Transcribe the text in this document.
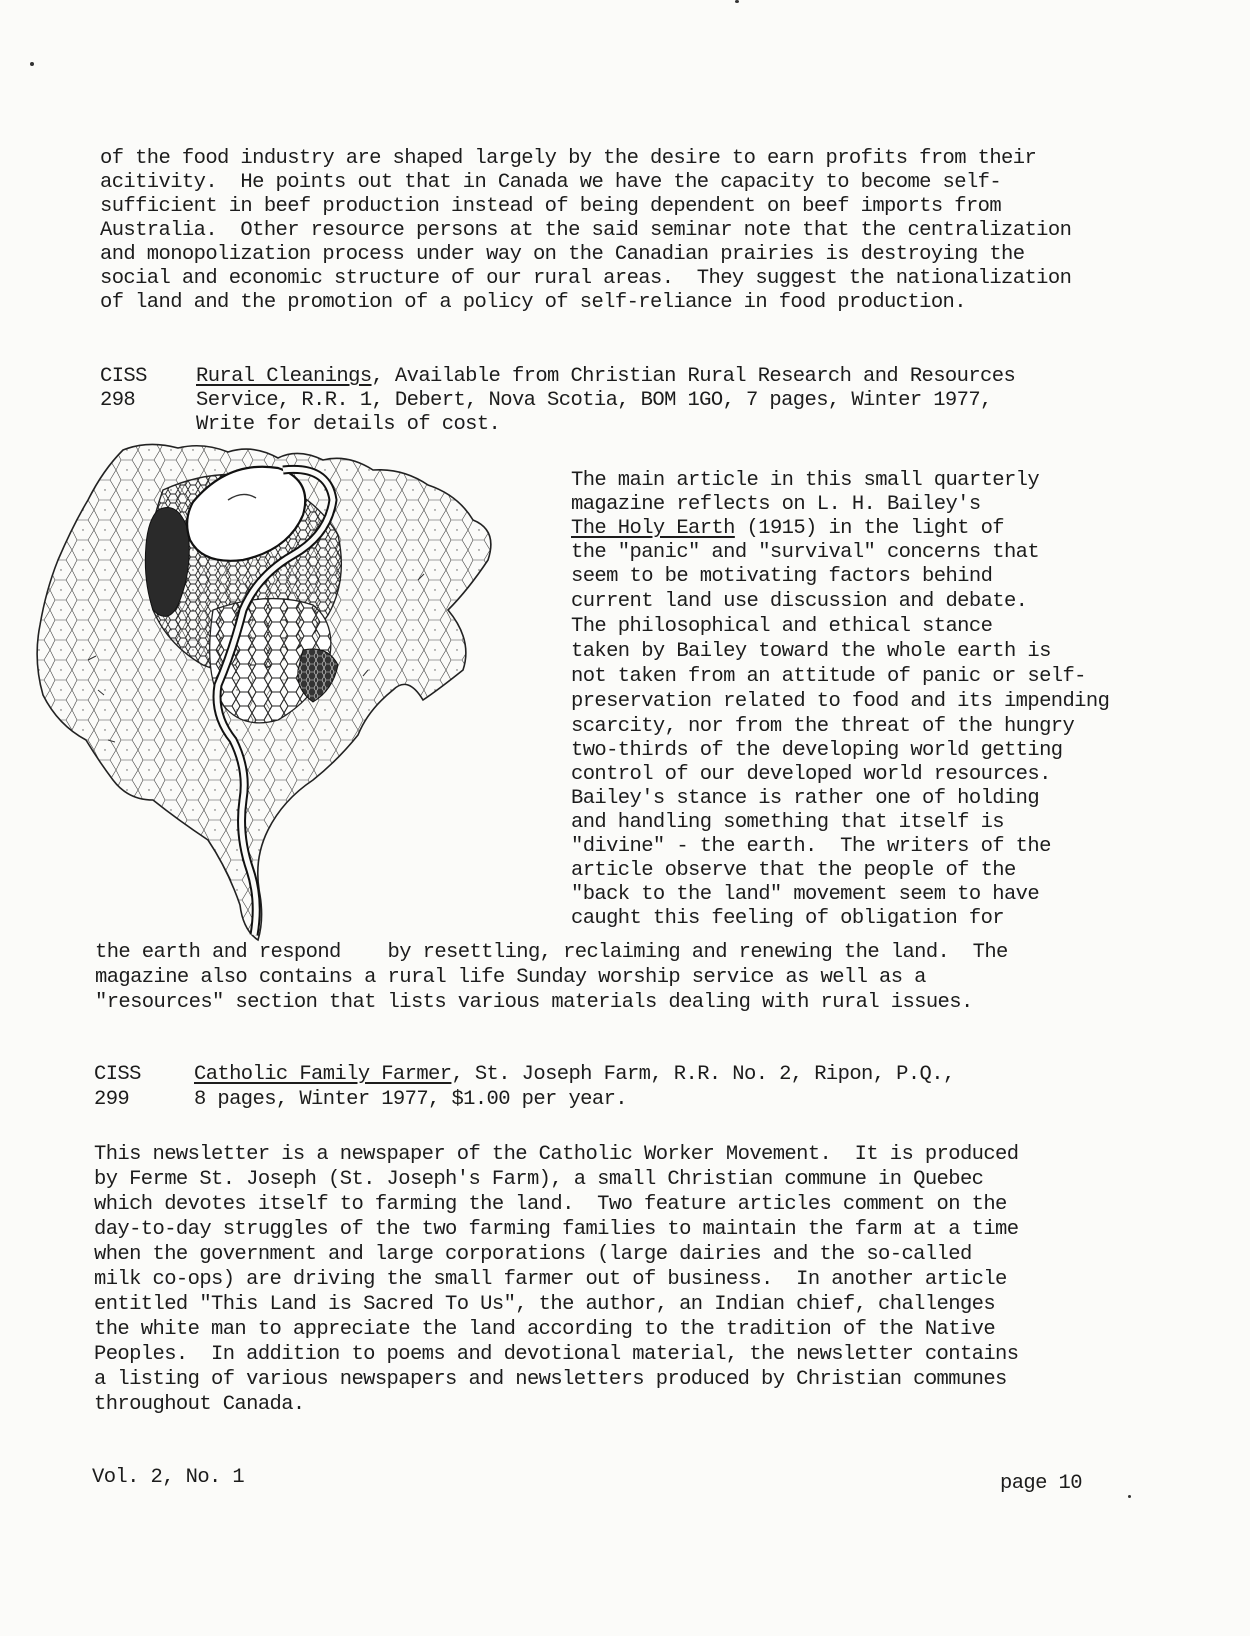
of the food industry are shaped largely by the desire to earn profits from their
acitivity.  He points out that in Canada we have the capacity to become self-
sufficient in beef production instead of being dependent on beef imports from
Australia.  Other resource persons at the said seminar note that the centralization
and monopolization process under way on the Canadian prairies is destroying the
social and economic structure of our rural areas.  They suggest the nationalization
of land and the promotion of a policy of self-reliance in food production.
CISS
298
Rural Cleanings, Available from Christian Rural Research and Resources
Service, R.R. 1, Debert, Nova Scotia, BOM 1GO, 7 pages, Winter 1977,
Write for details of cost.
The main article in this small quarterly
magazine reflects on L. H. Bailey's
The Holy Earth (1915) in the light of
the "panic" and "survival" concerns that
seem to be motivating factors behind
current land use discussion and debate.
The philosophical and ethical stance
taken by Bailey toward the whole earth is
not taken from an attitude of panic or self-
preservation related to food and its impending
scarcity, nor from the threat of the hungry
two-thirds of the developing world getting
control of our developed world resources.
Bailey's stance is rather one of holding
and handling something that itself is
"divine" - the earth.  The writers of the
article observe that the people of the
"back to the land" movement seem to have
caught this feeling of obligation for
the earth and respond    by resettling, reclaiming and renewing the land.  The
magazine also contains a rural life Sunday worship service as well as a
"resources" section that lists various materials dealing with rural issues.
CISS
299
Catholic Family Farmer, St. Joseph Farm, R.R. No. 2, Ripon, P.Q.,
8 pages, Winter 1977, $1.00 per year.
This newsletter is a newspaper of the Catholic Worker Movement.  It is produced
by Ferme St. Joseph (St. Joseph's Farm), a small Christian commune in Quebec
which devotes itself to farming the land.  Two feature articles comment on the
day-to-day struggles of the two farming families to maintain the farm at a time
when the government and large corporations (large dairies and the so-called
milk co-ops) are driving the small farmer out of business.  In another article
entitled "This Land is Sacred To Us", the author, an Indian chief, challenges
the white man to appreciate the land according to the tradition of the Native
Peoples.  In addition to poems and devotional material, the newsletter contains
a listing of various newspapers and newsletters produced by Christian communes
throughout Canada.
Vol. 2, No. 1	page 10
